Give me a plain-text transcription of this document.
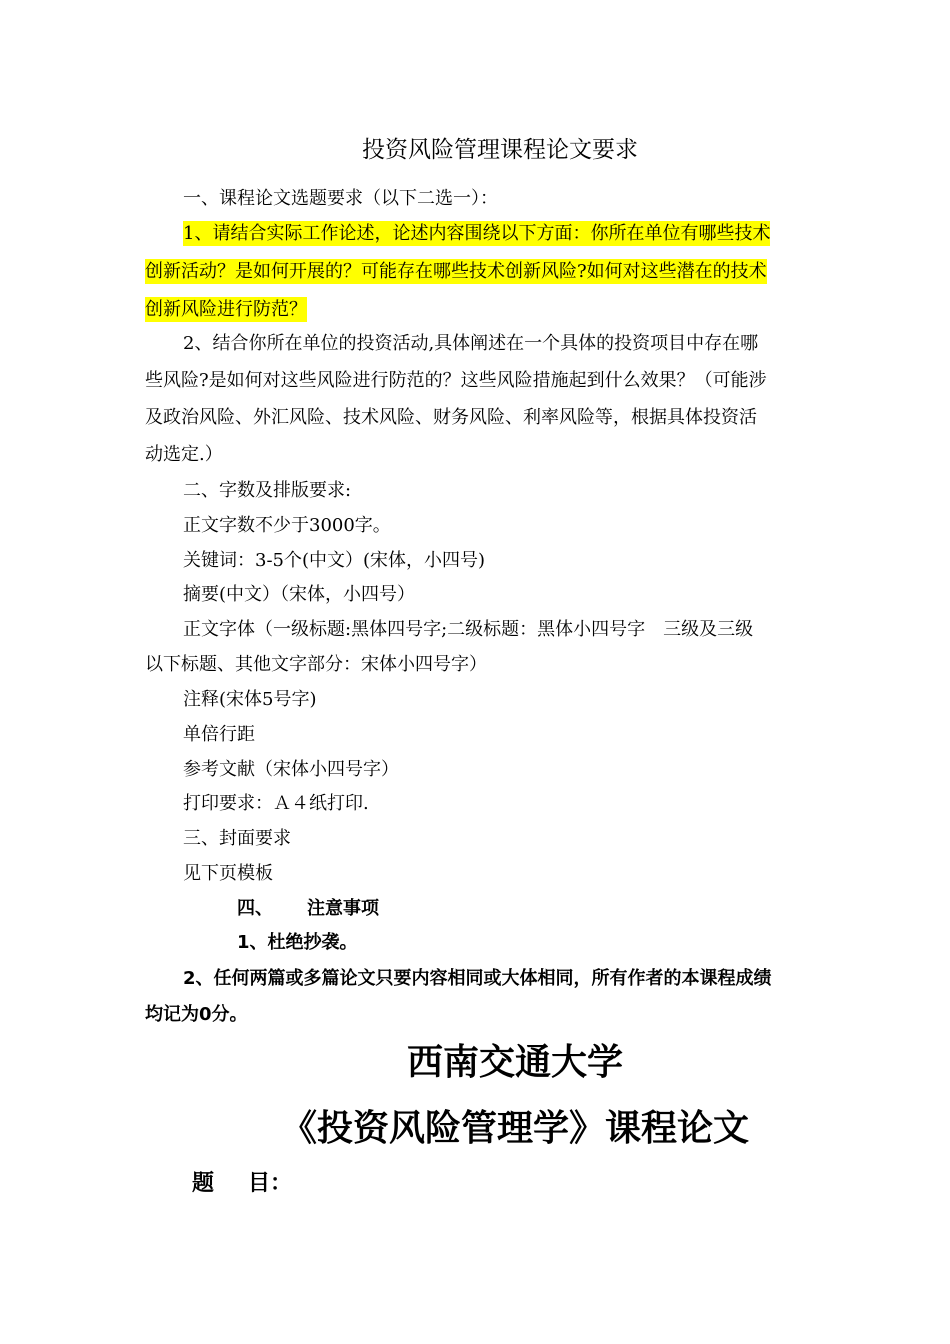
投资风险管理课程论文要求

一、课程论文选题要求（以下二选一）：

1、请结合实际工作论述，论述内容围绕以下方面：你所在单位有哪些技术

创新活动？是如何开展的？可能存在哪些技术创新风险?如何对这些潜在的技术

创新风险进行防范？

2、结合你所在单位的投资活动,具体阐述在一个具体的投资项目中存在哪

些风险?是如何对这些风险进行防范的？这些风险措施起到什么效果？（可能涉

及政治风险、外汇风险、技术风险、财务风险、利率风险等，根据具体投资活

动选定.）

二、字数及排版要求:

正文字数不少于3000字。

关键词：3-5个(中文）(宋体，小四号)

摘要(中文）（宋体，小四号）

正文字体（一级标题:黑体四号字;二级标题：黑体小四号字　三级及三级

以下标题、其他文字部分：宋体小四号字）

注释(宋体5号字)

单倍行距

参考文献（宋体小四号字）

打印要求：Ａ４纸打印.

三、封面要求

见下页模板

四、 注意事项

1、杜绝抄袭。

2、任何两篇或多篇论文只要内容相同或大体相同，所有作者的本课程成绩

均记为0分。

西南交通大学
《投资风险管理学》课程论文

题 目：
